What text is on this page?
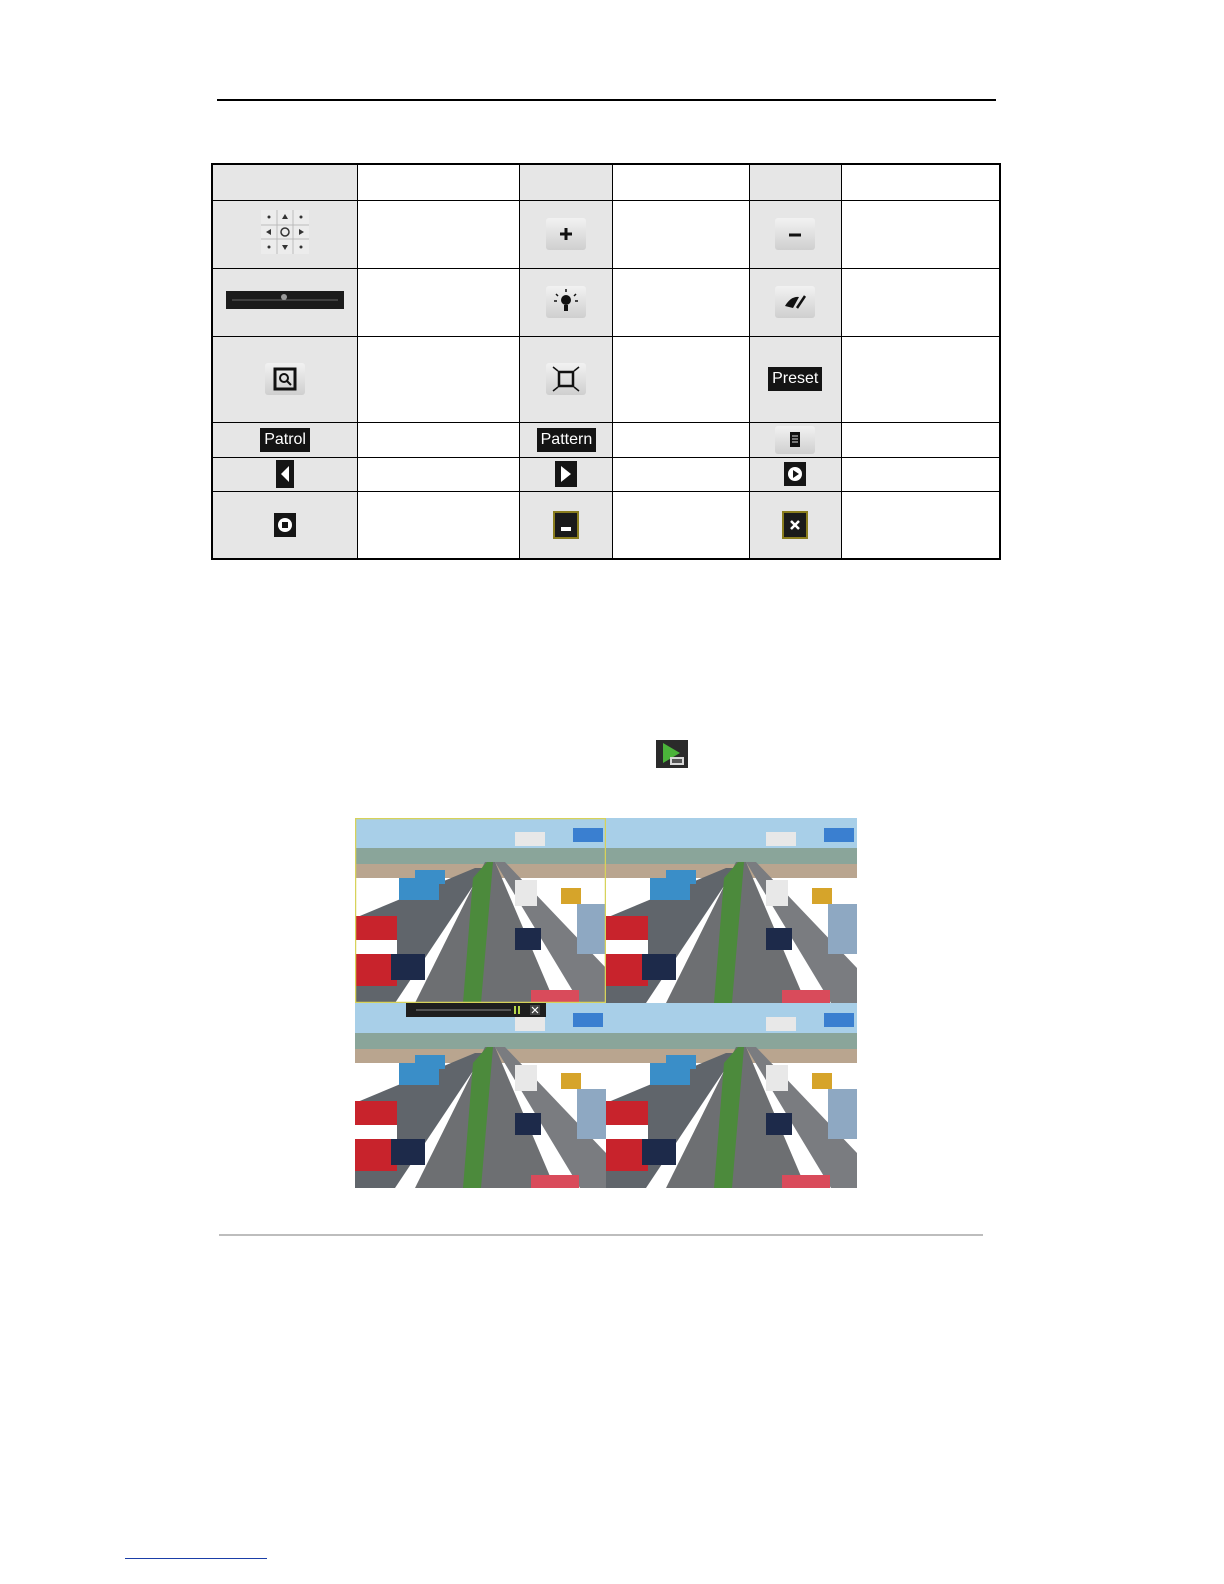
				Preset	
Patrol		Pattern			
